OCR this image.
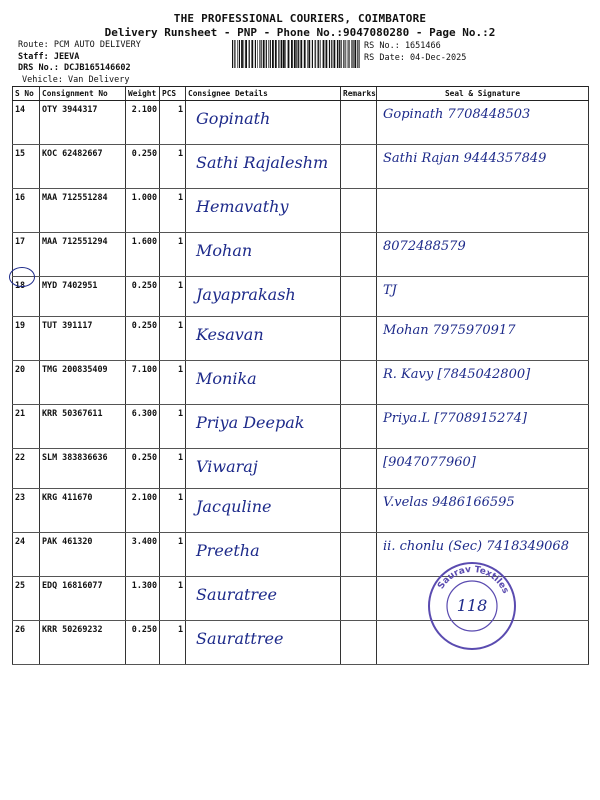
THE PROFESSIONAL COURIERS, COIMBATORE
Delivery Runsheet - PNP - Phone No.:9047080280 - Page No.:2
Route: PCM AUTO DELIVERY
Staff: JEEVA
DRS No.: DCJB165146602
Vehicle: Van Delivery
RS No.: 1651466
RS Date: 04-Dec-2025
S No	Consignment No	Weight	PCS	Consignee Details	Remarks	Seal & Signature
14	OTY 3944317	2.100	1	Gopinath		Gopinath 7708448503

15	KOC 62482667	0.250	1	Sathi Rajaleshm		Sathi Rajan 9444357849

16	MAA 712551284	1.000	1	Hemavathy		

17	MAA 712551294	1.600	1	Mohan		8072488579

18	MYD 7402951	0.250	1	Jayaprakash		TJ

19	TUT 391117	0.250	1	Kesavan		Mohan 7975970917

20	TMG 200835409	7.100	1	Monika		R. Kavy [7845042800]

21	KRR 50367611	6.300	1	Priya Deepak		Priya.L [7708915274]

22	SLM 383836636	0.250	1	Viwaraj		[9047077960]

23	KRG 411670	2.100	1	Jacquline		V.velas 9486166595

24	PAK 461320	3.400	1	Preetha		ii. chonlu (Sec) 7418349068

25	EDQ 16816077	1.300	1	Sauratree		

26	KRR 50269232	0.250	1	Saurattree		

Saurav Textiles
118
